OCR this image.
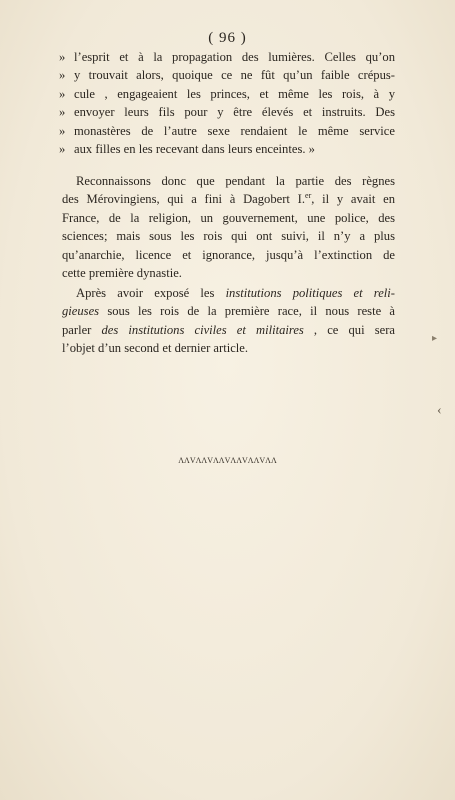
( 96 )
» l’esprit et à la propagation des lumières. Celles qu’on
» y trouvait alors, quoique ce ne fût qu’un faible crépus-
» cule , engageaient les princes, et même les rois, à y
» envoyer leurs fils pour y être élevés et instruits. Des
» monastères de l’autre sexe rendaient le même service
» aux filles en les recevant dans leurs enceintes. »
Reconnaissons donc que pendant la partie des règnes
des Mérovingiens, qui a fini à Dagobert I.$^{er}$, il y avait en
France, de la religion, un gouvernement, une police, des
sciences; mais sous les rois qui ont suivi, il n’y a plus
qu’anarchie, licence et ignorance, jusqu’à l’extinction de
cette première dynastie.
Après avoir exposé les institutions politiques et reli-
gieuses sous les rois de la première race, il nous reste à
parler des institutions civiles et militaires , ce qui sera
l’objet d’un second et dernier article.
ΛΛVΛΛVΛΛVΛΛVΛΛVΛΛ
▸
‹
